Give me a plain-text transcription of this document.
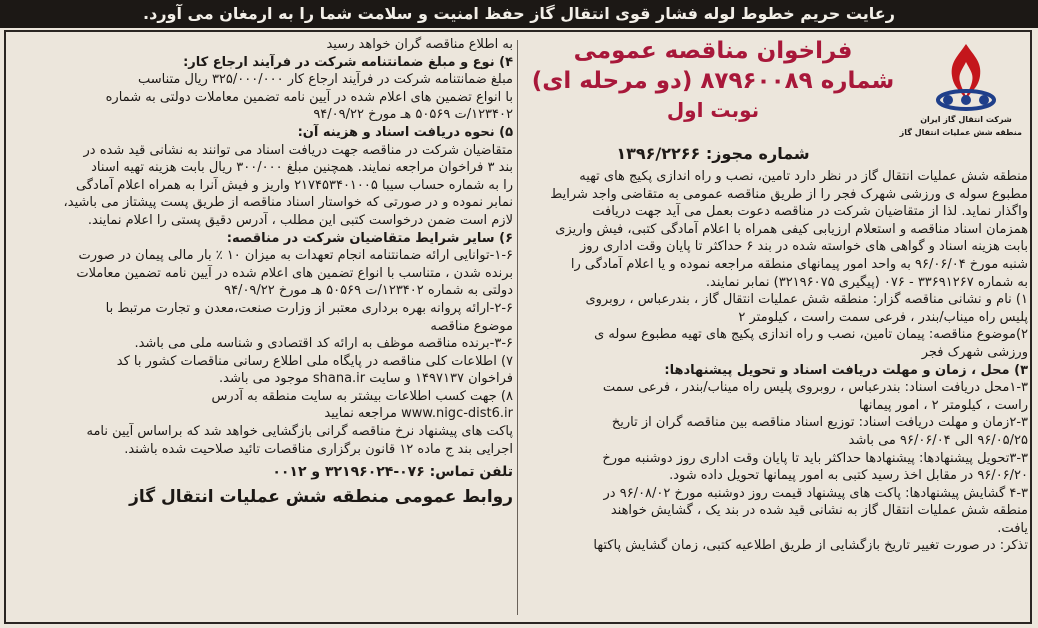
رعایت حریم خطوط لوله فشار قوی انتقال گاز حفظ امنیت و سلامت شما را به ارمغان می آورد.
شرکت انتقال گاز ایران
منطقه شش عملیات انتقال گاز
فراخوان مناقصه عمومی
شماره ۸۷۹۶۰۰۸۹ (دو مرحله ای)
نوبت اول
شماره مجوز: ۱۳۹۶/۲۲۶۶

منطقه شش عملیات انتقال گاز در نظر دارد تامین، نصب و راه اندازی پکیج های تهیه

مطبوع سوله ی ورزشی شهرک فجر را از طریق مناقصه عمومی به متقاضی واجد شرایط

واگذار نماید. لذا از متقاضیان شرکت در مناقصه دعوت بعمل می آید جهت دریافت

همزمان اسناد مناقصه و استعلام ارزیابی کیفی همراه با اعلام آمادگی کتبی، فیش واریزی

بابت هزینه اسناد و گواهی های خواسته شده در بند ۶ حداکثر تا پایان وقت اداری روز

شنبه مورخ ۹۶/۰۶/۰۴ به واحد امور پیمانهای منطقه مراجعه نموده و یا اعلام آمادگی را

به شماره ۳۳۶۹۱۲۶۷ - ۰۷۶ (پیگیری ۳۲۱۹۶۰۷۵) نمابر نمایند.

۱) نام و نشانی مناقصه گزار: منطقه شش عملیات انتقال گاز ، بندرعباس ، روبروی

پلیس راه میناب/بندر ، فرعی سمت راست ، کیلومتر ۲

۲)موضوع مناقصه: پیمان تامین، نصب و راه اندازی پکیج های تهیه مطبوع سوله ی

ورزشی شهرک فجر

۳) محل ، زمان و مهلت دریافت اسناد و تحویل پیشنهادها:

۱-۳محل دریافت اسناد: بندرعباس ، روبروی پلیس راه میناب/بندر ، فرعی سمت

راست ، کیلومتر ۲ ، امور پیمانها

۲-۳زمان و مهلت دریافت اسناد: توزیع اسناد مناقصه بین مناقصه گران از تاریخ

۹۶/۰۵/۲۵ الی ۹۶/۰۶/۰۴ می باشد

۳-۳تحویل پیشنهادها: پیشنهادها حداکثر باید تا پایان وقت اداری روز دوشنبه مورخ

۹۶/۰۶/۲۰ در مقابل اخذ رسید کتبی به امور پیمانها تحویل داده شود.

۴-۳ گشایش پیشنهادها: پاکت های پیشنهاد قیمت روز دوشنبه مورخ ۹۶/۰۸/۰۲ در

منطقه شش عملیات انتقال گاز به نشانی قید شده در بند یک ، گشایش خواهند

یافت.

تذکر: در صورت تغییر تاریخ بازگشایی از طریق اطلاعیه کتبی، زمان گشایش پاکتها

به اطلاع مناقصه گران خواهد رسید

۴) نوع و مبلغ ضمانتنامه شرکت در فرآیند ارجاع کار:

مبلغ ضمانتنامه شرکت در فرآیند ارجاع کار ۳۲۵/۰۰۰/۰۰۰ ریال متناسب

با انواع تضمین های اعلام شده در آیین نامه تضمین معاملات دولتی به شماره

۱۲۳۴۰۲/ت ۵۰۵۶۹ هـ مورخ ۹۴/۰۹/۲۲

۵) نحوه دریافت اسناد و هزینه آن:

متقاضیان شرکت در مناقصه جهت دریافت اسناد می توانند به نشانی قید شده در

بند ۳ فراخوان مراجعه نمایند. همچنین مبلغ ۳۰۰/۰۰۰ ریال بابت هزینه تهیه اسناد

را به شماره حساب سیبا ۲۱۷۴۵۳۴۰۱۰۰۵ واریز و فیش آنرا به همراه اعلام آمادگی

نمابر نموده و در صورتی که خواستار اسناد مناقصه از طریق پست پیشتاز می باشید،

لازم است ضمن درخواست کتبی این مطلب ، آدرس دقیق پستی را اعلام نمایند.

۶) سایر شرایط متقاضیان شرکت در مناقصه:

۱-۶-توانایی ارائه ضمانتنامه انجام تعهدات به میزان ۱۰ ٪ بار مالی پیمان در صورت

برنده شدن ، متناسب با انواع تضمین های اعلام شده در آیین نامه تضمین معاملات

دولتی به شماره ۱۲۳۴۰۲/ت ۵۰۵۶۹ هـ مورخ ۹۴/۰۹/۲۲

۲-۶-ارائه پروانه بهره برداری معتبر از وزارت صنعت،معدن و تجارت مرتبط با

موضوع مناقصه

۳-۶-برنده مناقصه موظف به ارائه کد اقتصادی و شناسه ملی می باشد.

۷) اطلاعات کلی مناقصه در پایگاه ملی اطلاع رسانی مناقصات کشور با کد

فراخوان ۱۴۹۷۱۳۷ و سایت shana.ir موجود می باشد.

۸) جهت کسب اطلاعات بیشتر به سایت منطقه به آدرس

www.nigc-dist6.ir مراجعه نمایید

پاکت های پیشنهاد نرخ مناقصه گرانی بازگشایی خواهد شد که براساس آیین نامه

اجرایی بند ج ماده ۱۲ قانون برگزاری مناقصات تائید صلاحیت شده باشند.

تلفن تماس: ۰۷۶-۳۲۱۹۶۰۲۴ و ۰۰۱۲

روابط عمومی منطقه شش عملیات انتقال گاز
